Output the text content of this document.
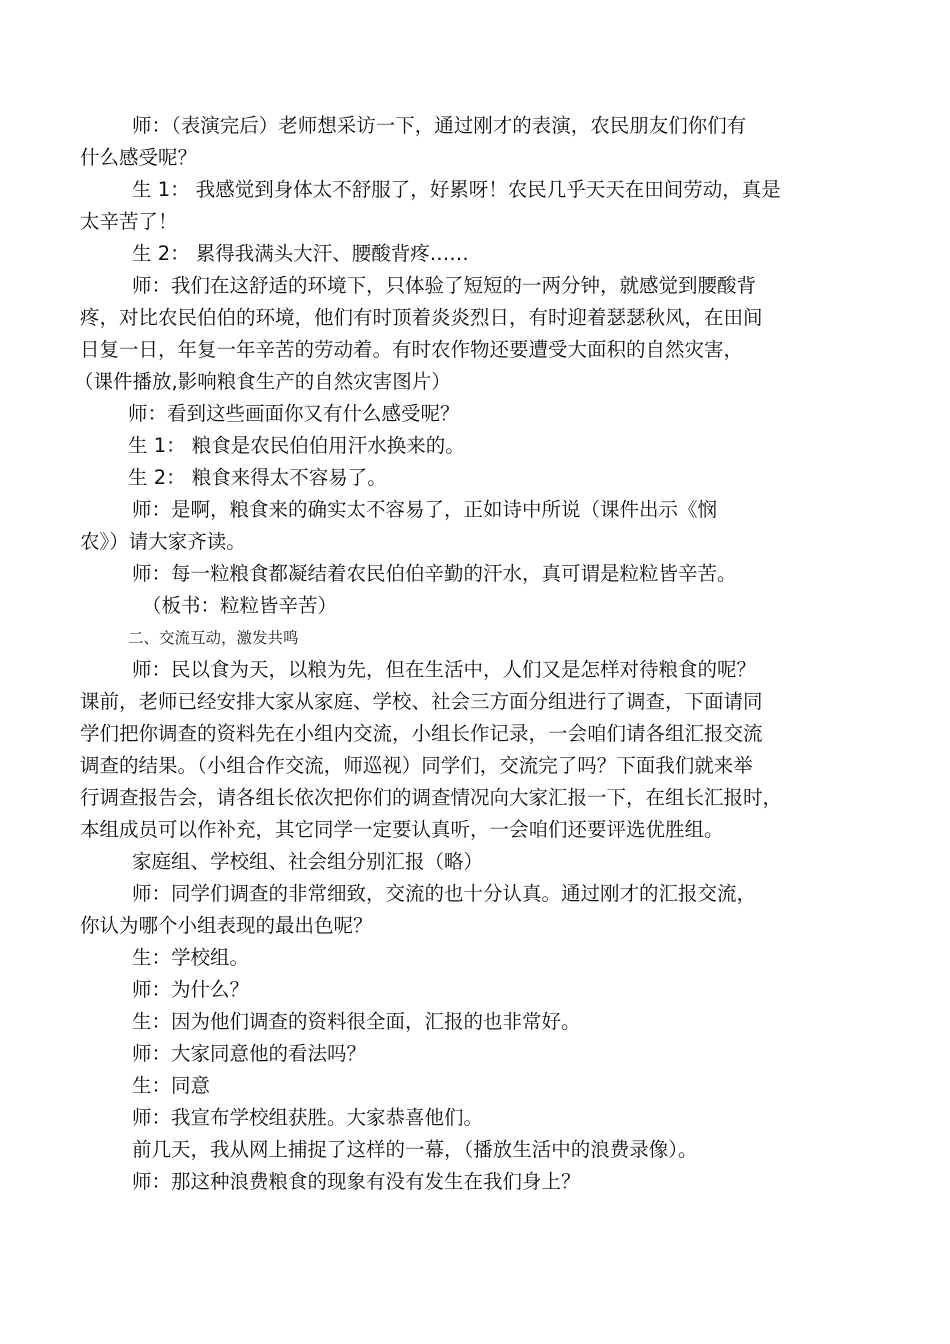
师：（表演完后）老师想采访一下，通过刚才的表演，农民朋友们你们有
什么感受呢？
生 1： 我感觉到身体太不舒服了，好累呀！农民几乎天天在田间劳动，真是
太辛苦了！
生 2： 累得我满头大汗、腰酸背疼……
师：我们在这舒适的环境下，只体验了短短的一两分钟，就感觉到腰酸背
疼，对比农民伯伯的环境，他们有时顶着炎炎烈日，有时迎着瑟瑟秋风，在田间
日复一日，年复一年辛苦的劳动着。有时农作物还要遭受大面积的自然灾害，
（课件播放,影响粮食生产的自然灾害图片）
师：看到这些画面你又有什么感受呢？
生 1： 粮食是农民伯伯用汗水换来的。
生 2： 粮食来得太不容易了。
师：是啊，粮食来的确实太不容易了，正如诗中所说（课件出示《悯
农》）请大家齐读。
师：每一粒粮食都凝结着农民伯伯辛勤的汗水，真可谓是粒粒皆辛苦。
（板书：粒粒皆辛苦）
二、交流互动，激发共鸣
师：民以食为天，以粮为先，但在生活中，人们又是怎样对待粮食的呢？
课前，老师已经安排大家从家庭、学校、社会三方面分组进行了调查，下面请同
学们把你调查的资料先在小组内交流，小组长作记录，一会咱们请各组汇报交流
调查的结果。（小组合作交流，师巡视）同学们，交流完了吗？下面我们就来举
行调查报告会，请各组长依次把你们的调查情况向大家汇报一下，在组长汇报时，
本组成员可以作补充，其它同学一定要认真听，一会咱们还要评选优胜组。
家庭组、学校组、社会组分别汇报（略）
师：同学们调查的非常细致，交流的也十分认真。通过刚才的汇报交流，
你认为哪个小组表现的最出色呢？
生：学校组。
师：为什么？
生：因为他们调查的资料很全面，汇报的也非常好。
师：大家同意他的看法吗？
生：同意
师：我宣布学校组获胜。大家恭喜他们。
前几天，我从网上捕捉了这样的一幕，（播放生活中的浪费录像）。
师：那这种浪费粮食的现象有没有发生在我们身上？
